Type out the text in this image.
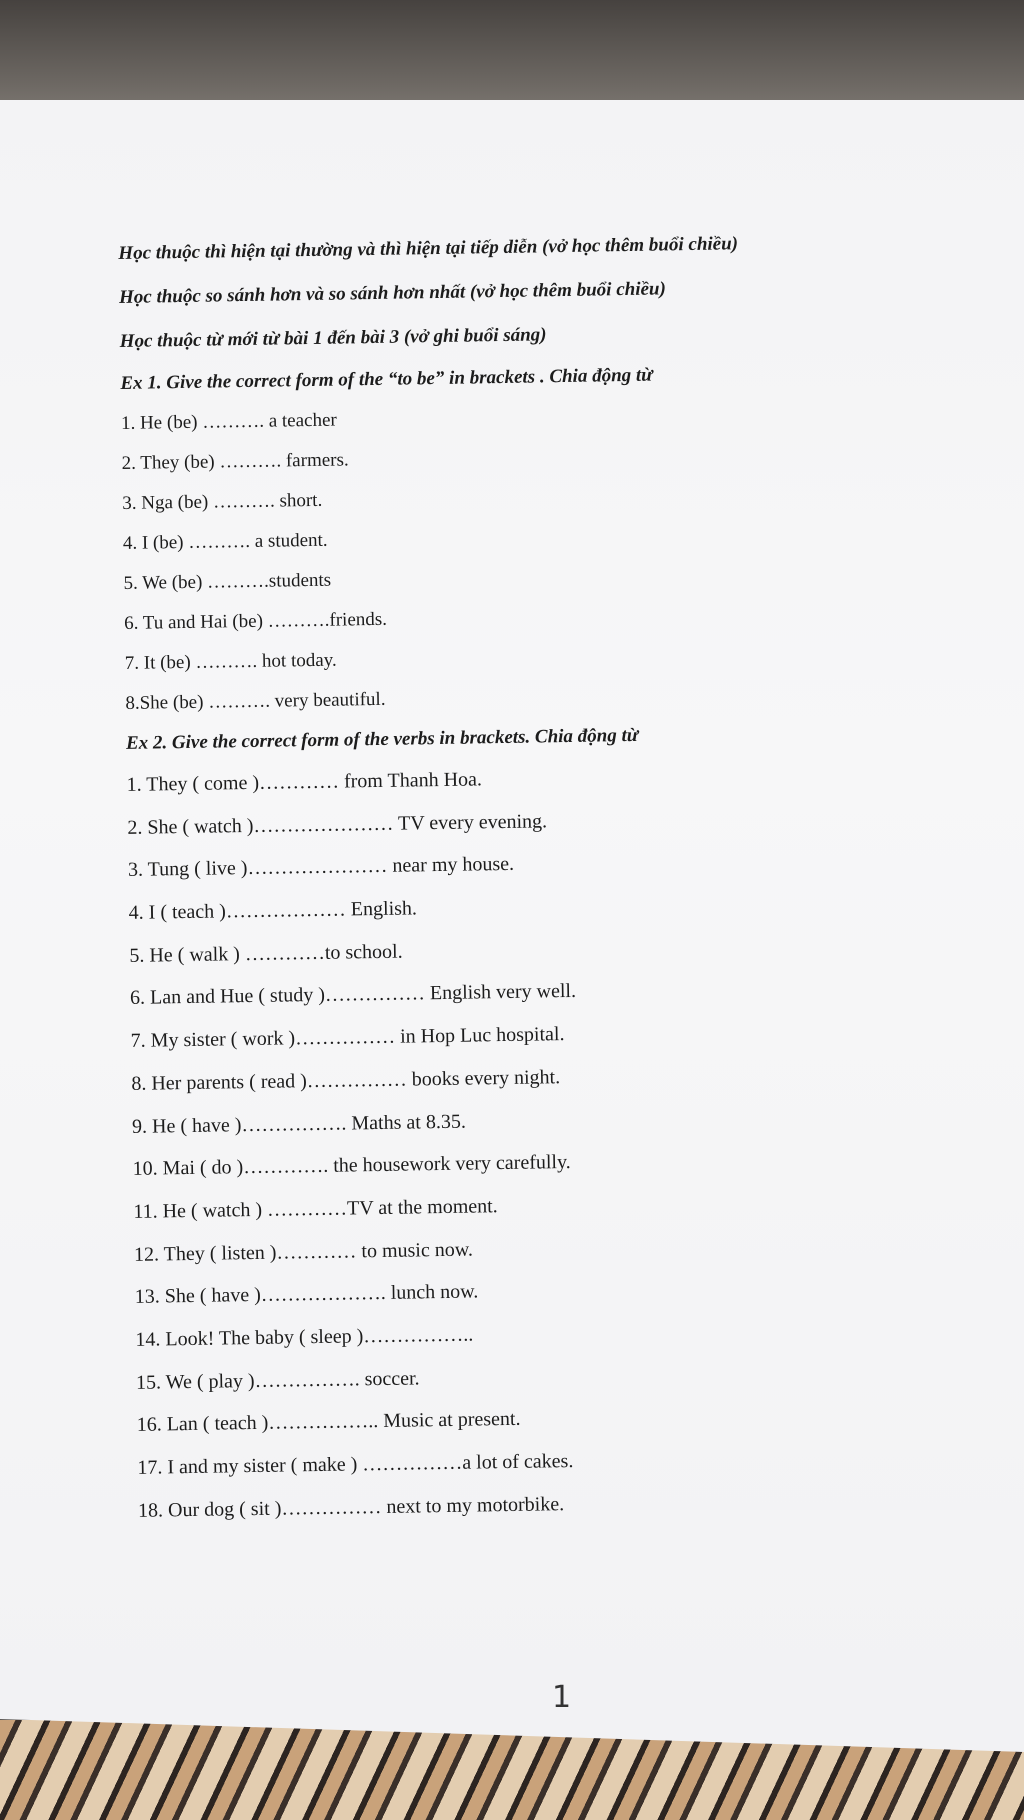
Học thuộc thì hiện tại thường và thì hiện tại tiếp diễn (vở học thêm buổi chiều)
Học thuộc so sánh hơn và so sánh hơn nhất (vở học thêm buổi chiều)
Học thuộc từ mới từ bài 1 đến bài 3 (vở ghi buổi sáng)
Ex 1. Give the correct form of the “to be” in brackets . Chia động từ
1. He (be) ………. a teacher
2. They (be) ………. farmers.
3. Nga (be) ………. short.
4. I (be) ………. a student.
5. We (be) ……….students
6. Tu and Hai (be) ……….friends.
7. It (be) ………. hot today.
8.She (be) ………. very beautiful.
Ex 2. Give the correct form of the verbs in brackets. Chia động từ
1. They ( come )………… from Thanh Hoa.
2. She ( watch )………………… TV every evening.
3. Tung ( live )………………… near my house.
4. I ( teach )……………… English.
5. He ( walk ) …………to school.
6. Lan and Hue ( study )…………… English very well.
7. My sister ( work )…………… in Hop Luc hospital.
8. Her parents ( read )…………… books every night.
9. He ( have )……………. Maths at 8.35.
10. Mai ( do )…………. the housework very carefully.
11. He ( watch ) …………TV at the moment.
12. They ( listen )………… to music now.
13. She ( have )………………. lunch now.
14. Look! The baby ( sleep )……………..
15. We ( play )……………. soccer.
16. Lan ( teach )…………….. Music at present.
17. I and my sister ( make ) ……………a lot of cakes.
18. Our dog ( sit )…………… next to my motorbike.
1
